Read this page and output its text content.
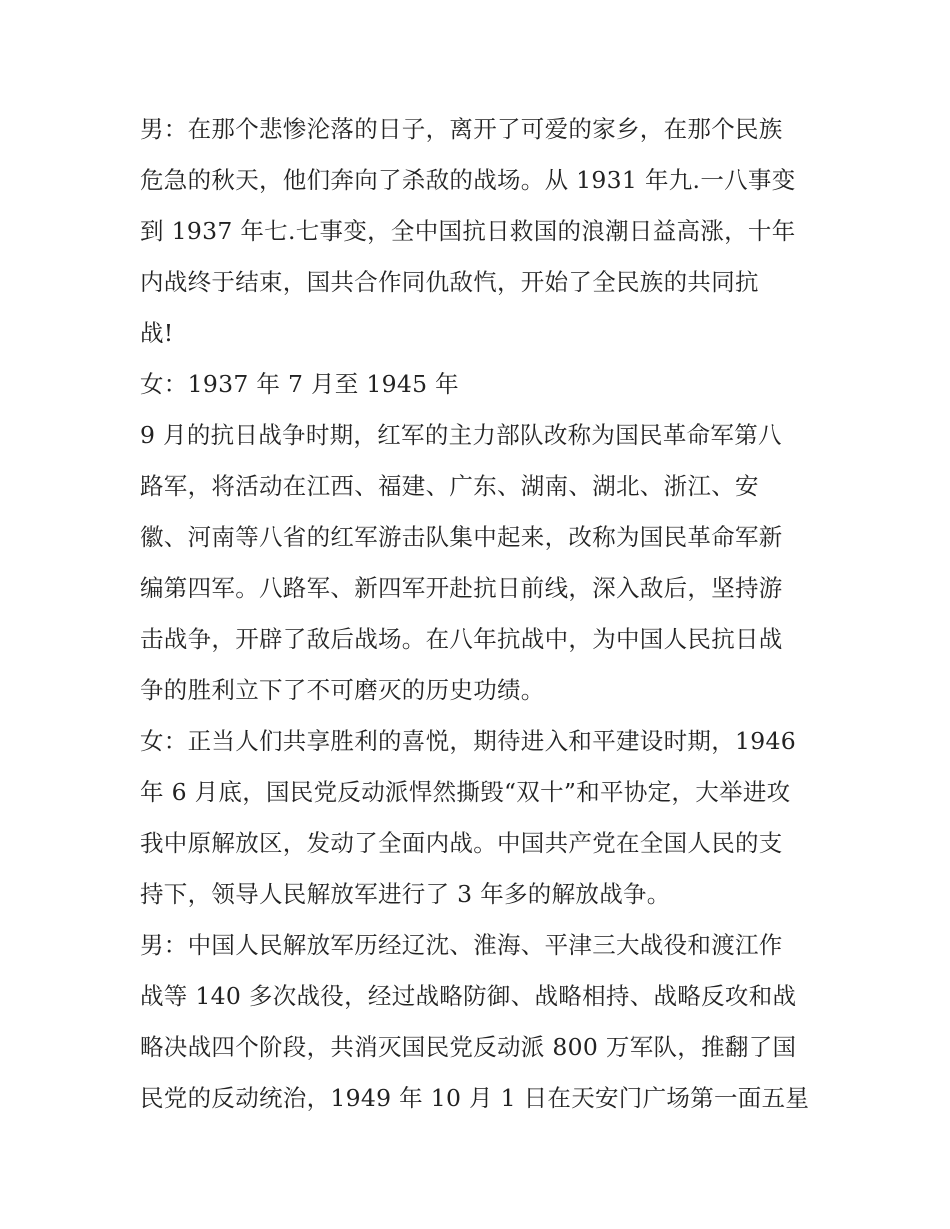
男：在那个悲惨沦落的日子，离开了可爱的家乡，在那个民族
危急的秋天，他们奔向了杀敌的战场。从 1931 年九.一八事变
到 1937 年七.七事变，全中国抗日救国的浪潮日益高涨，十年
内战终于结束，国共合作同仇敌忾，开始了全民族的共同抗
战!
女：1937 年 7 月至 1945 年
9 月的抗日战争时期，红军的主力部队改称为国民革命军第八
路军，将活动在江西、福建、广东、湖南、湖北、浙江、安
徽、河南等八省的红军游击队集中起来，改称为国民革命军新
编第四军。八路军、新四军开赴抗日前线，深入敌后，坚持游
击战争，开辟了敌后战场。在八年抗战中，为中国人民抗日战
争的胜利立下了不可磨灭的历史功绩。
女：正当人们共享胜利的喜悦，期待进入和平建设时期，1946
年 6 月底，国民党反动派悍然撕毁“双十”和平协定，大举进攻
我中原解放区，发动了全面内战。中国共产党在全国人民的支
持下，领导人民解放军进行了 3 年多的解放战争。
男：中国人民解放军历经辽沈、淮海、平津三大战役和渡江作
战等 140 多次战役，经过战略防御、战略相持、战略反攻和战
略决战四个阶段，共消灭国民党反动派 800 万军队，推翻了国
民党的反动统治，1949 年 10 月 1 日在天安门广场第一面五星
